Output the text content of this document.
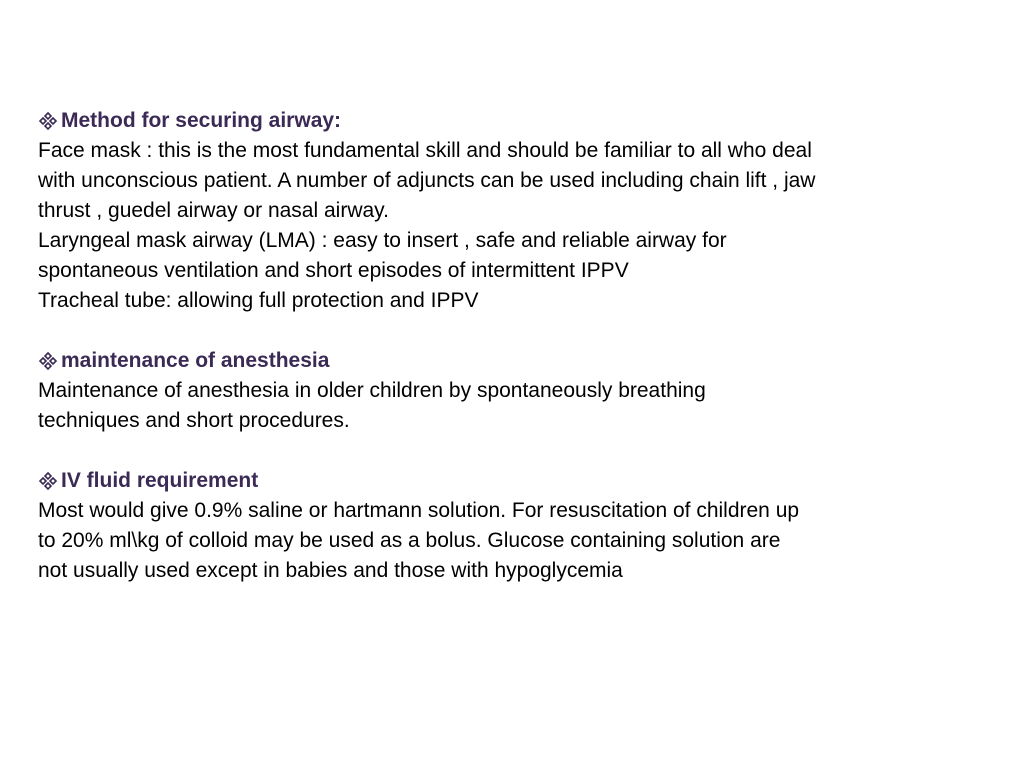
Method for securing airway:
Face mask : this is the most fundamental skill and should be familiar to all who deal
with unconscious patient. A number of adjuncts can be used including chain lift , jaw
thrust , guedel airway or nasal airway.
Laryngeal mask airway (LMA) : easy to insert , safe and reliable airway for
spontaneous ventilation and short episodes of intermittent IPPV
Tracheal tube: allowing full protection and IPPV
maintenance of anesthesia
Maintenance of anesthesia in older children by spontaneously breathing
techniques and short procedures.
IV fluid requirement
Most would give 0.9% saline or hartmann solution. For resuscitation of children up
to 20% ml\kg of colloid may be used as a bolus. Glucose containing solution are
not usually used except in babies and those with hypoglycemia
